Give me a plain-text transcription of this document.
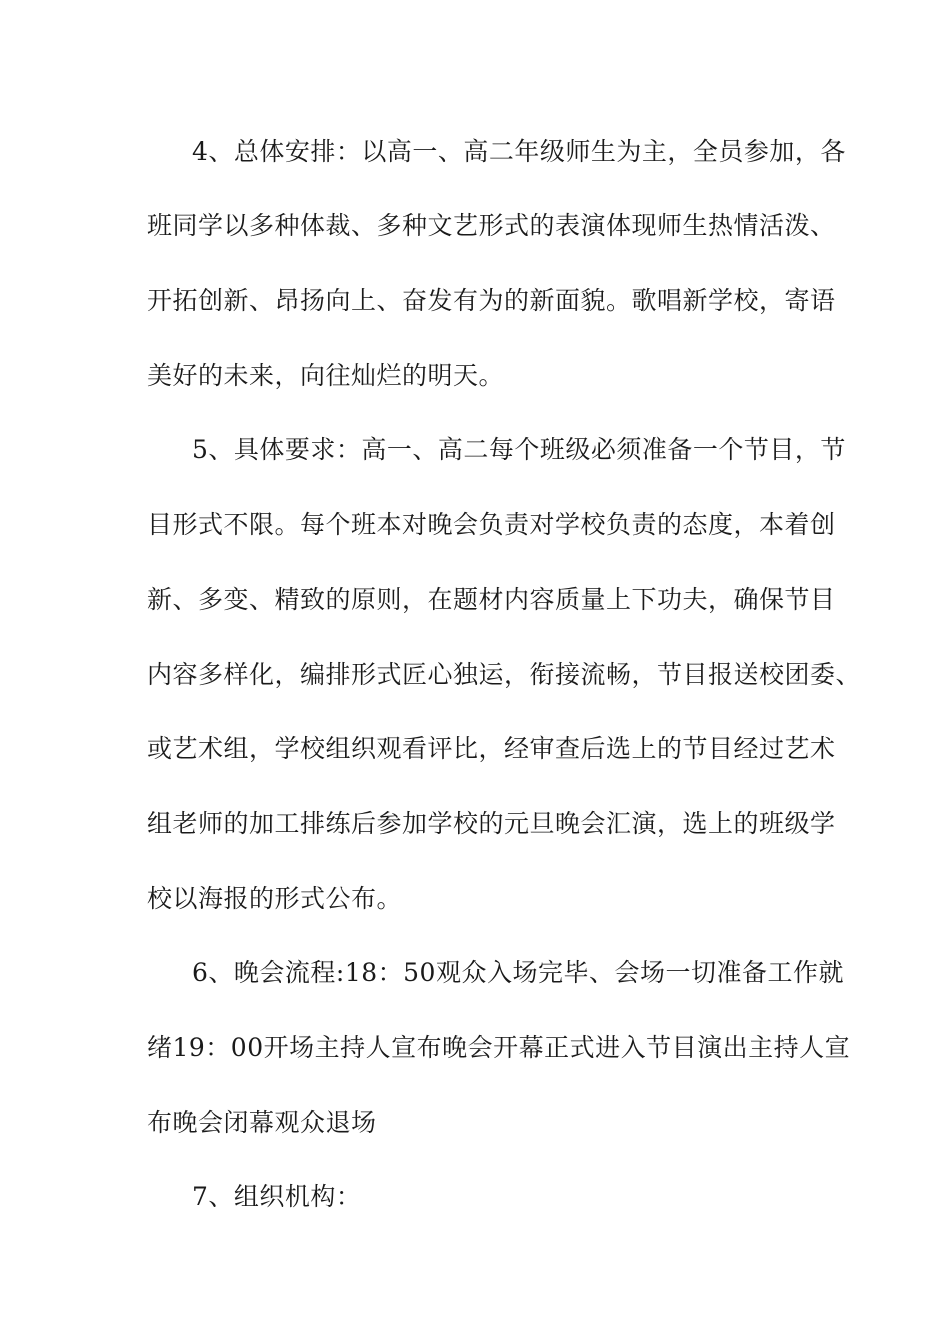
4、总体安排：以高一、高二年级师生为主，全员参加，各
班同学以多种体裁、多种文艺形式的表演体现师生热情活泼、
开拓创新、昂扬向上、奋发有为的新面貌。歌唱新学校，寄语
美好的未来，向往灿烂的明天。
5、具体要求：高一、高二每个班级必须准备一个节目，节
目形式不限。每个班本对晚会负责对学校负责的态度，本着创
新、多变、精致的原则，在题材内容质量上下功夫，确保节目
内容多样化，编排形式匠心独运，衔接流畅，节目报送校团委、
或艺术组，学校组织观看评比，经审查后选上的节目经过艺术
组老师的加工排练后参加学校的元旦晚会汇演，选上的班级学
校以海报的形式公布。
6、晚会流程:18：50观众入场完毕、会场一切准备工作就
绪19：00开场主持人宣布晚会开幕正式进入节目演出主持人宣
布晚会闭幕观众退场
7、组织机构：
